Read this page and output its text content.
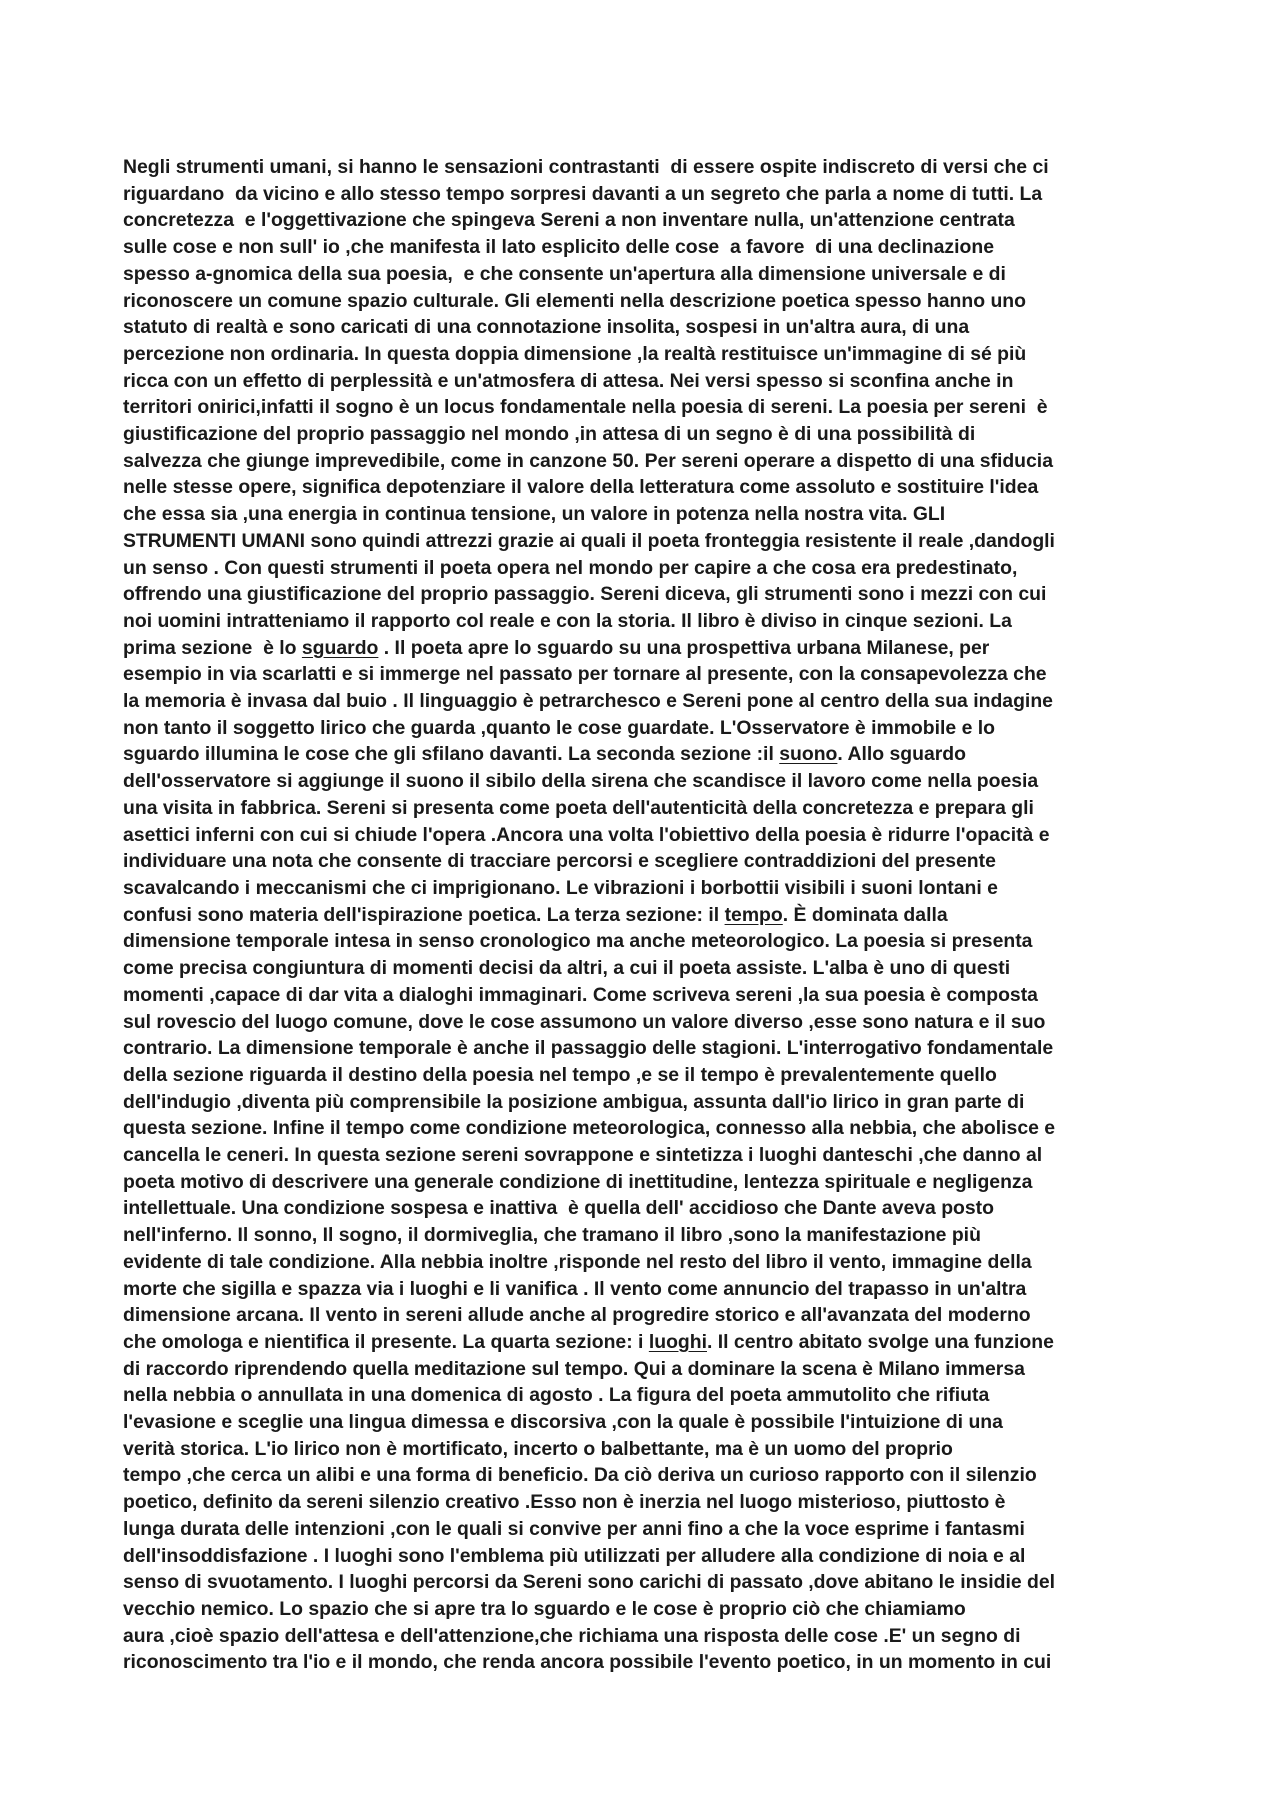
Negli strumenti umani, si hanno le sensazioni contrastanti  di essere ospite indiscreto di versi che ci
riguardano  da vicino e allo stesso tempo sorpresi davanti a un segreto che parla a nome di tutti. La
concretezza  e l'oggettivazione che spingeva Sereni a non inventare nulla, un'attenzione centrata
sulle cose e non sull' io ,che manifesta il lato esplicito delle cose  a favore  di una declinazione
spesso a-gnomica della sua poesia,  e che consente un'apertura alla dimensione universale e di
riconoscere un comune spazio culturale. Gli elementi nella descrizione poetica spesso hanno uno
statuto di realtà e sono caricati di una connotazione insolita, sospesi in un'altra aura, di una
percezione non ordinaria. In questa doppia dimensione ,la realtà restituisce un'immagine di sé più
ricca con un effetto di perplessità e un'atmosfera di attesa. Nei versi spesso si sconfina anche in
territori onirici,infatti il sogno è un locus fondamentale nella poesia di sereni. La poesia per sereni  è
giustificazione del proprio passaggio nel mondo ,in attesa di un segno è di una possibilità di
salvezza che giunge imprevedibile, come in canzone 50. Per sereni operare a dispetto di una sfiducia
nelle stesse opere, significa depotenziare il valore della letteratura come assoluto e sostituire l'idea
che essa sia ,una energia in continua tensione, un valore in potenza nella nostra vita. GLI
STRUMENTI UMANI sono quindi attrezzi grazie ai quali il poeta fronteggia resistente il reale ,dandogli
un senso . Con questi strumenti il poeta opera nel mondo per capire a che cosa era predestinato,
offrendo una giustificazione del proprio passaggio. Sereni diceva, gli strumenti sono i mezzi con cui
noi uomini intratteniamo il rapporto col reale e con la storia. Il libro è diviso in cinque sezioni. La
prima sezione  è lo sguardo . Il poeta apre lo sguardo su una prospettiva urbana Milanese, per
esempio in via scarlatti e si immerge nel passato per tornare al presente, con la consapevolezza che
la memoria è invasa dal buio . Il linguaggio è petrarchesco e Sereni pone al centro della sua indagine
non tanto il soggetto lirico che guarda ,quanto le cose guardate. L'Osservatore è immobile e lo
sguardo illumina le cose che gli sfilano davanti. La seconda sezione :il suono. Allo sguardo
dell'osservatore si aggiunge il suono il sibilo della sirena che scandisce il lavoro come nella poesia
una visita in fabbrica. Sereni si presenta come poeta dell'autenticità della concretezza e prepara gli
asettici inferni con cui si chiude l'opera .Ancora una volta l'obiettivo della poesia è ridurre l'opacità e
individuare una nota che consente di tracciare percorsi e scegliere contraddizioni del presente
scavalcando i meccanismi che ci imprigionano. Le vibrazioni i borbottii visibili i suoni lontani e
confusi sono materia dell'ispirazione poetica. La terza sezione: il tempo. È dominata dalla
dimensione temporale intesa in senso cronologico ma anche meteorologico. La poesia si presenta
come precisa congiuntura di momenti decisi da altri, a cui il poeta assiste. L'alba è uno di questi
momenti ,capace di dar vita a dialoghi immaginari. Come scriveva sereni ,la sua poesia è composta
sul rovescio del luogo comune, dove le cose assumono un valore diverso ,esse sono natura e il suo
contrario. La dimensione temporale è anche il passaggio delle stagioni. L'interrogativo fondamentale
della sezione riguarda il destino della poesia nel tempo ,e se il tempo è prevalentemente quello
dell'indugio ,diventa più comprensibile la posizione ambigua, assunta dall'io lirico in gran parte di
questa sezione. Infine il tempo come condizione meteorologica, connesso alla nebbia, che abolisce e
cancella le ceneri. In questa sezione sereni sovrappone e sintetizza i luoghi danteschi ,che danno al
poeta motivo di descrivere una generale condizione di inettitudine, lentezza spirituale e negligenza
intellettuale. Una condizione sospesa e inattiva  è quella dell' accidioso che Dante aveva posto
nell'inferno. Il sonno, Il sogno, il dormiveglia, che tramano il libro ,sono la manifestazione più
evidente di tale condizione. Alla nebbia inoltre ,risponde nel resto del libro il vento, immagine della
morte che sigilla e spazza via i luoghi e li vanifica . Il vento come annuncio del trapasso in un'altra
dimensione arcana. Il vento in sereni allude anche al progredire storico e all'avanzata del moderno
che omologa e nientifica il presente. La quarta sezione: i luoghi. Il centro abitato svolge una funzione
di raccordo riprendendo quella meditazione sul tempo. Qui a dominare la scena è Milano immersa
nella nebbia o annullata in una domenica di agosto . La figura del poeta ammutolito che rifiuta
l'evasione e sceglie una lingua dimessa e discorsiva ,con la quale è possibile l'intuizione di una
verità storica. L'io lirico non è mortificato, incerto o balbettante, ma è un uomo del proprio
tempo ,che cerca un alibi e una forma di beneficio. Da ciò deriva un curioso rapporto con il silenzio
poetico, definito da sereni silenzio creativo .Esso non è inerzia nel luogo misterioso, piuttosto è
lunga durata delle intenzioni ,con le quali si convive per anni fino a che la voce esprime i fantasmi
dell'insoddisfazione . I luoghi sono l'emblema più utilizzati per alludere alla condizione di noia e al
senso di svuotamento. I luoghi percorsi da Sereni sono carichi di passato ,dove abitano le insidie del
vecchio nemico. Lo spazio che si apre tra lo sguardo e le cose è proprio ciò che chiamiamo
aura ,cioè spazio dell'attesa e dell'attenzione,che richiama una risposta delle cose .E' un segno di
riconoscimento tra l'io e il mondo, che renda ancora possibile l'evento poetico, in un momento in cui
